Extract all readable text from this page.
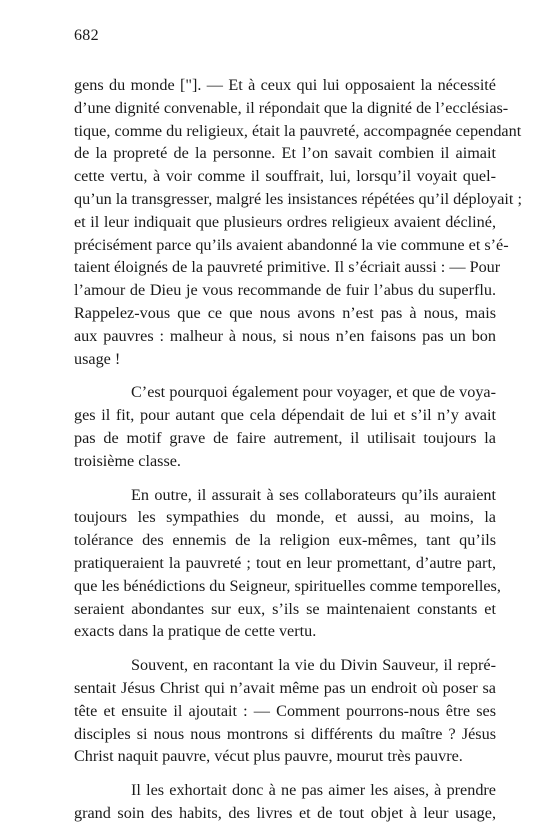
682
gens du monde ["]. — Et à ceux qui lui opposaient la nécessité
d’une dignité convenable, il répondait que la dignité de l’ecclésias-
tique, comme du religieux, était la pauvreté, accompagnée cependant
de la propreté de la personne. Et l’on savait combien il aimait
cette vertu, à voir comme il souffrait, lui, lorsqu’il voyait quel-
qu’un la transgresser, malgré les insistances répétées qu’il déployait ;
et il leur indiquait que plusieurs ordres religieux avaient décliné,
précisément parce qu’ils avaient abandonné la vie commune et s’é-
taient éloignés de la pauvreté primitive. Il s’écriait aussi : — Pour
l’amour de Dieu je vous recommande de fuir l’abus du superflu.
Rappelez-vous que ce que nous avons n’est pas à nous, mais
aux pauvres : malheur à nous, si nous n’en faisons pas un bon
usage !
C’est pourquoi également pour voyager, et que de voya-
ges il fit, pour autant que cela dépendait de lui et s’il n’y avait
pas de motif grave de faire autrement, il utilisait toujours la
troisième classe.
En outre, il assurait à ses collaborateurs qu’ils auraient
toujours les sympathies du monde, et aussi, au moins, la
tolérance des ennemis de la religion eux-mêmes, tant qu’ils
pratiqueraient la pauvreté ; tout en leur promettant, d’autre part,
que les bénédictions du Seigneur, spirituelles comme temporelles,
seraient abondantes sur eux, s’ils se maintenaient constants et
exacts dans la pratique de cette vertu.
Souvent, en racontant la vie du Divin Sauveur, il repré-
sentait Jésus Christ qui n’avait même pas un endroit où poser sa
tête et ensuite il ajoutait : — Comment pourrons-nous être ses
disciples si nous nous montrons si différents du maître ? Jésus
Christ naquit pauvre, vécut plus pauvre, mourut très pauvre.
Il les exhortait donc à ne pas aimer les aises, à prendre
grand soin des habits, des livres et de tout objet à leur usage,
